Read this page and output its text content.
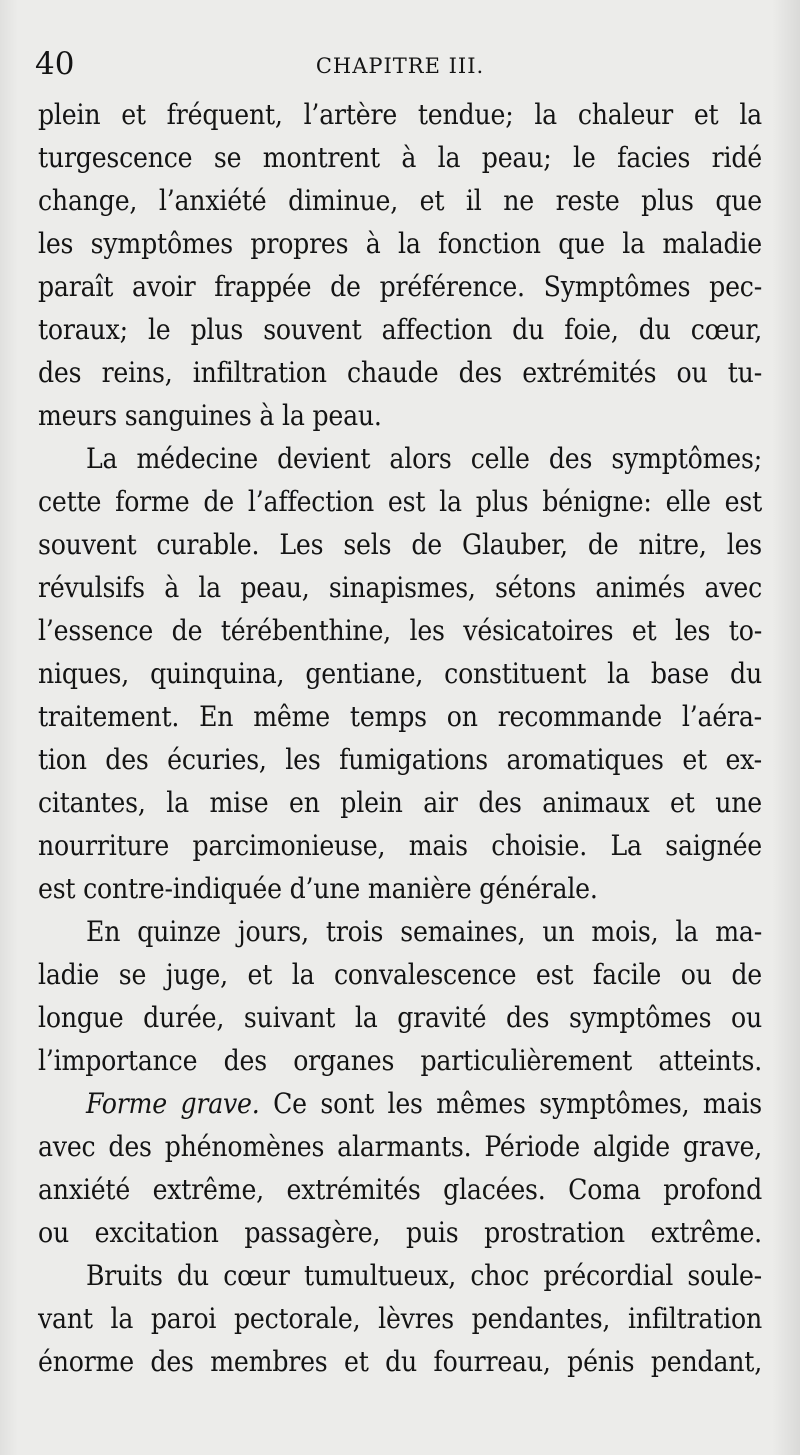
40	CHAPITRE III.
plein et fréquent, l’artère tendue; la chaleur et la
turgescence se montrent à la peau; le facies ridé
change, l’anxiété diminue, et il ne reste plus que
les symptômes propres à la fonction que la maladie
paraît avoir frappée de préférence. Symptômes pec-
toraux; le plus souvent affection du foie, du cœur,
des reins, infiltration chaude des extrémités ou tu-
meurs sanguines à la peau.
La médecine devient alors celle des symptômes;
cette forme de l’affection est la plus bénigne: elle est
souvent curable. Les sels de Glauber, de nitre, les
révulsifs à la peau, sinapismes, sétons animés avec
l’essence de térébenthine, les vésicatoires et les to-
niques, quinquina, gentiane, constituent la base du
traitement. En même temps on recommande l’aéra-
tion des écuries, les fumigations aromatiques et ex-
citantes, la mise en plein air des animaux et une
nourriture parcimonieuse, mais choisie. La saignée
est contre-indiquée d’une manière générale.
En quinze jours, trois semaines, un mois, la ma-
ladie se juge, et la convalescence est facile ou de
longue durée, suivant la gravité des symptômes ou
l’importance des organes particulièrement atteints.
Forme grave. Ce sont les mêmes symptômes, mais
avec des phénomènes alarmants. Période algide grave,
anxiété extrême, extrémités glacées. Coma profond
ou excitation passagère, puis prostration extrême.
Bruits du cœur tumultueux, choc précordial soule-
vant la paroi pectorale, lèvres pendantes, infiltration
énorme des membres et du fourreau, pénis pendant,
